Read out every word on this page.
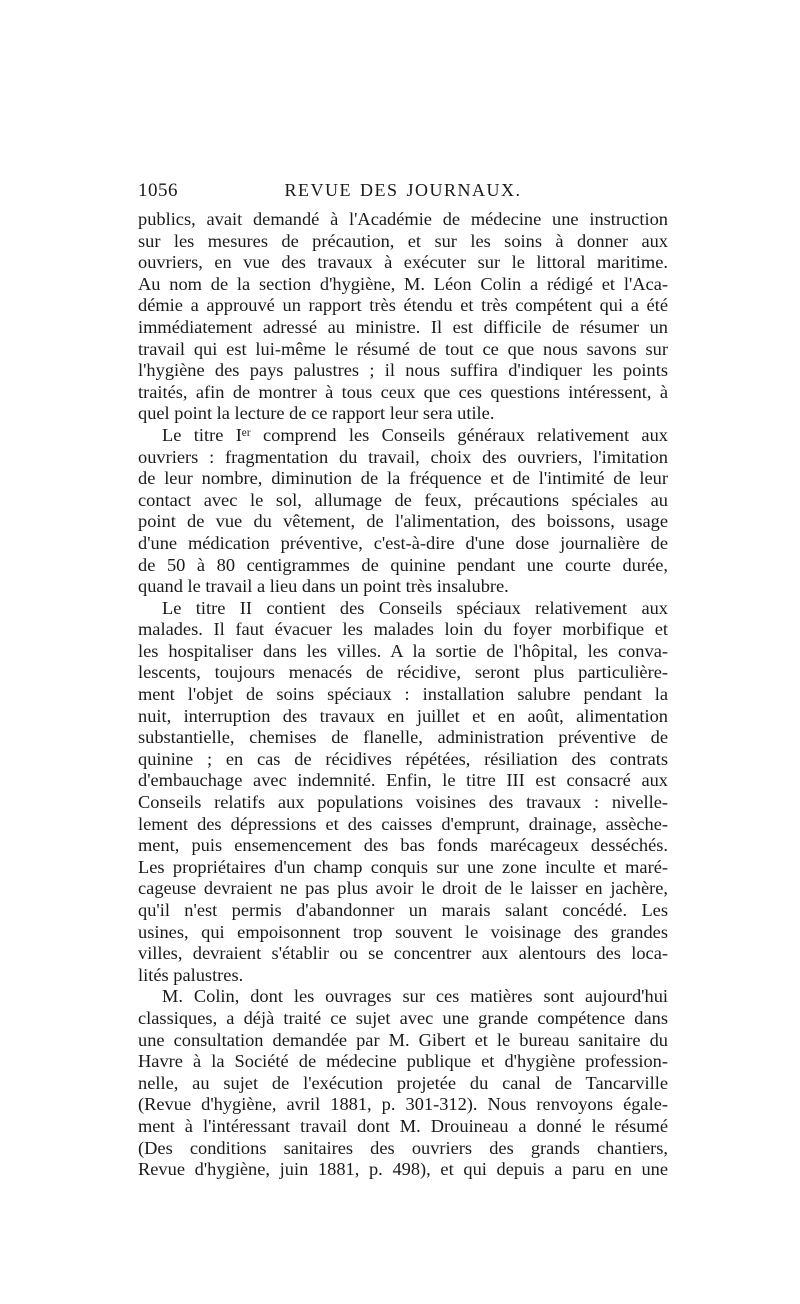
1056	REVUE DES JOURNAUX.
publics, avait demandé à l'Académie de médecine une instruction
sur les mesures de précaution, et sur les soins à donner aux
ouvriers, en vue des travaux à exécuter sur le littoral maritime.
Au nom de la section d'hygiène, M. Léon Colin a rédigé et l'Aca-
démie a approuvé un rapport très étendu et très compétent qui a été
immédiatement adressé au ministre. Il est difficile de résumer un
travail qui est lui-même le résumé de tout ce que nous savons sur
l'hygiène des pays palustres ; il nous suffira d'indiquer les points
traités, afin de montrer à tous ceux que ces questions intéressent, à
quel point la lecture de ce rapport leur sera utile.
Le titre Iᵉʳ comprend les Conseils généraux relativement aux
ouvriers : fragmentation du travail, choix des ouvriers, l'imitation
de leur nombre, diminution de la fréquence et de l'intimité de leur
contact avec le sol, allumage de feux, précautions spéciales au
point de vue du vêtement, de l'alimentation, des boissons, usage
d'une médication préventive, c'est-à-dire d'une dose journalière de
de 50 à 80 centigrammes de quinine pendant une courte durée,
quand le travail a lieu dans un point très insalubre.
Le titre II contient des Conseils spéciaux relativement aux
malades. Il faut évacuer les malades loin du foyer morbifique et
les hospitaliser dans les villes. A la sortie de l'hôpital, les conva-
lescents, toujours menacés de récidive, seront plus particulière-
ment l'objet de soins spéciaux : installation salubre pendant la
nuit, interruption des travaux en juillet et en août, alimentation
substantielle, chemises de flanelle, administration préventive de
quinine ; en cas de récidives répétées, résiliation des contrats
d'embauchage avec indemnité. Enfin, le titre III est consacré aux
Conseils relatifs aux populations voisines des travaux : nivelle-
lement des dépressions et des caisses d'emprunt, drainage, assèche-
ment, puis ensemencement des bas fonds marécageux desséchés.
Les propriétaires d'un champ conquis sur une zone inculte et maré-
cageuse devraient ne pas plus avoir le droit de le laisser en jachère,
qu'il n'est permis d'abandonner un marais salant concédé. Les
usines, qui empoisonnent trop souvent le voisinage des grandes
villes, devraient s'établir ou se concentrer aux alentours des loca-
lités palustres.
M. Colin, dont les ouvrages sur ces matières sont aujourd'hui
classiques, a déjà traité ce sujet avec une grande compétence dans
une consultation demandée par M. Gibert et le bureau sanitaire du
Havre à la Société de médecine publique et d'hygiène profession-
nelle, au sujet de l'exécution projetée du canal de Tancarville
(Revue d'hygiène, avril 1881, p. 301-312). Nous renvoyons égale-
ment à l'intéressant travail dont M. Drouineau a donné le résumé
(Des conditions sanitaires des ouvriers des grands chantiers,
Revue d'hygiène, juin 1881, p. 498), et qui depuis a paru en une
